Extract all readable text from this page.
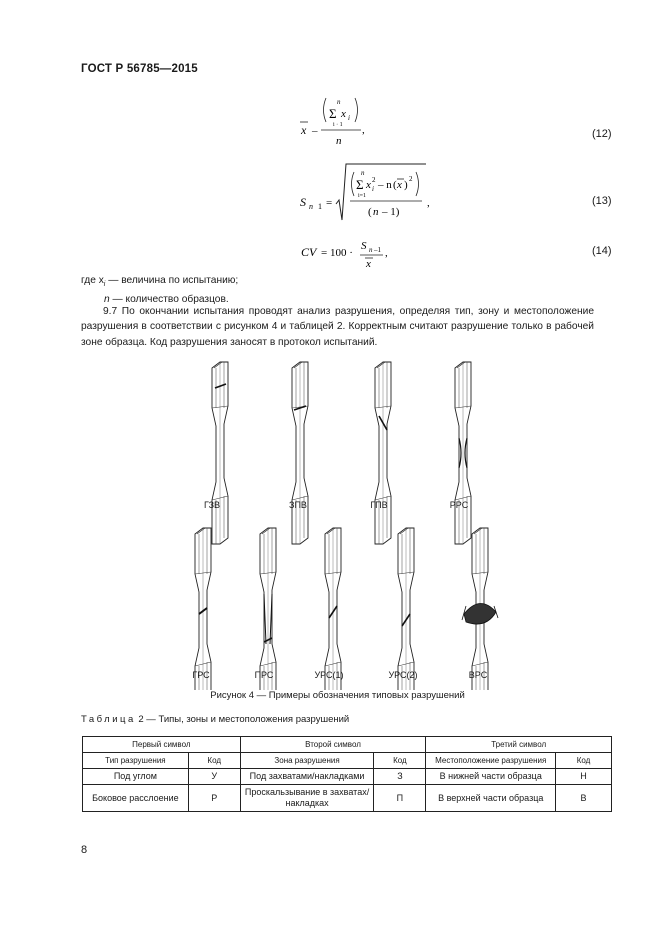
ГОСТ Р 56785—2015
x –
n
Σ x i
i · 1
n
,	(12)
S n 1 =
n
Σ x i
2 – n ( x ) 2
i=1
( n – 1)
,	(13)
CV = 100 ·
S n –1
x
,	(14)

где $x_i$ — величина по испытанию;

n — количество образцов.

9.7 По окончании испытания проводят анализ разрушения, определяя тип, зону и местоположение разрушения в соответствии с рисунком 4 и таблицей 2. Корректным считают разрушение только в рабочей зоне образца. Код разрушения заносят в протокол испытаний.

ГЗВ	ЗПВ	ГПВ	РРС
ГРС	ПРС	УРС(1)	УРС(2)	ВРС
Рисунок 4 — Примеры обозначения типовых разрушений
Таблица 2 — Типы, зоны и местоположения разрушений
Первый символ		Второй символ		Третий символ	
Тип разрушения	Код	Зона разрушения	Код	Местоположение разрушения	Код
Под углом	У	Под захватами/накладками	З	В нижней части образца	Н
Боковое расслоение	Р	Проскальзывание в захватах/накладках	П	В верхней части образца	В
8
